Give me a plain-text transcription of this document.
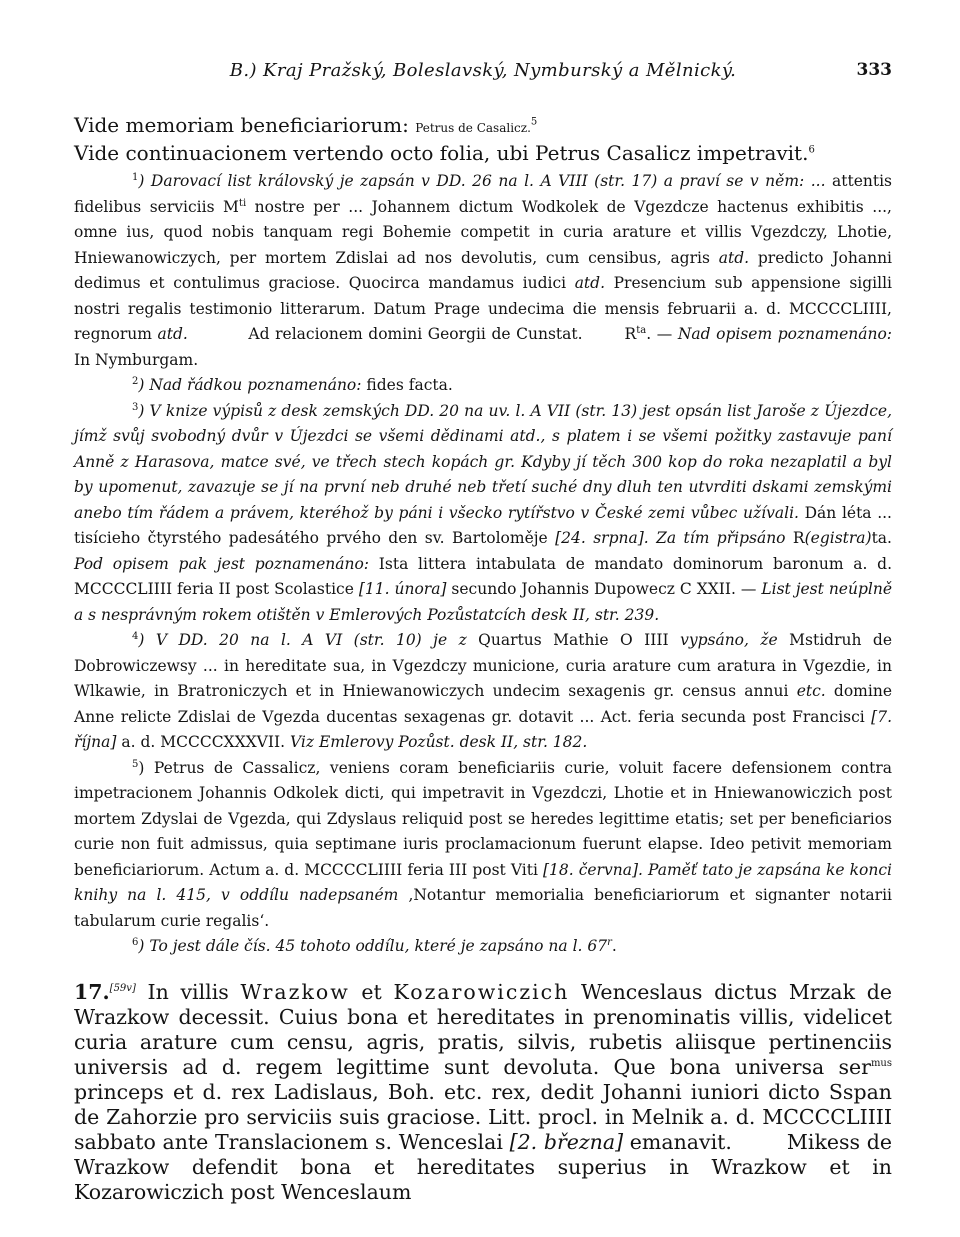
B.) Kraj Pražský, Boleslavský, Nymburský a Mělnický.	333
Vide memoriam beneficiariorum: Petrus de Casalicz.$^5$
Vide continuacionem vertendo octo folia, ubi Petrus Casalicz impetravit.$^6$

$^1$) Darovací list královský je zapsán v DD. 26 na l. A VIII (str. 17) a praví se v něm: ... attentis fidelibus serviciis $M^{ti}$ nostre per ... Johannem dictum Wodkolek de Vgezdcze hactenus exhibitis ..., omne ius, quod nobis tanquam regi Bohemie competit in curia arature et villis Vgezdczy, Lhotie, Hniewanowiczych, per mortem Zdislai ad nos devolutis, cum censibus, agris atd. predicto Johanni dedimus et contulimus graciose. Quocirca mandamus iudici atd. Presencium sub appensione sigilli nostri regalis testimonio litterarum. Datum Prage undecima die mensis februarii a. d. MCCCCLIIII, regnorum atd.	Ad relacionem domini Georgii de Cunstat.	$R^{ta}$. — Nad opisem poznamenáno: In Nymburgam.

$^2$) Nad řádkou poznamenáno: fides facta.

$^3$) V knize výpisů z desk zemských DD. 20 na uv. l. A VII (str. 13) jest opsán list Jaroše z Újezdce, jímž svůj svobodný dvůr v Újezdci se všemi dědinami atd., s platem i se všemi požitky zastavuje paní Anně z Harasova, matce své, ve třech stech kopách gr. Kdyby jí těch 300 kop do roka nezaplatil a byl by upomenut, zavazuje se jí na první neb druhé neb třetí suché dny dluh ten utvrditi dskami zemskými anebo tím řádem a právem, kteréhož by páni i všecko rytířstvo v České zemi vůbec užívali. Dán léta ... tisícieho čtyrstého padesátého prvého den sv. Bartoloměje [24. srpna]. Za tím připsáno R(egistra)ta. Pod opisem pak jest poznamenáno: Ista littera intabulata de mandato dominorum baronum a. d. MCCCCLIIII feria II post Scolastice [11. února] secundo Johannis Dupowecz C XXII. — List jest neúplně a s nesprávným rokem otištěn v Emlerových Pozůstatcích desk II, str. 239.

$^4$) V DD. 20 na l. A VI (str. 10) je z Quartus Mathie O IIII vypsáno, že Mstidruh de Dobrowiczewsy ... in hereditate sua, in Vgezdczy municione, curia arature cum aratura in Vgezdie, in Wlkawie, in Bratroniczych et in Hniewanowiczych undecim sexagenis gr. census annui etc. domine Anne relicte Zdislai de Vgezda ducentas sexagenas gr. dotavit ... Act. feria secunda post Francisci [7. října] a. d. MCCCCXXXVII. Viz Emlerovy Pozůst. desk II, str. 182.

$^5$) Petrus de Cassalicz, veniens coram beneficiariis curie, voluit facere defensionem contra impetracionem Johannis Odkolek dicti, qui impetravit in Vgezdczi, Lhotie et in Hniewanowiczich post mortem Zdyslai de Vgezda, qui Zdyslaus reliquid post se heredes legittime etatis; set per beneficiarios curie non fuit admissus, quia septimane iuris proclamacionum fuerunt elapse. Ideo petivit memoriam beneficiariorum. Actum a. d. MCCCCLIIII feria III post Viti [18. června]. Paměť tato je zapsána ke konci knihy na l. 415, v oddílu nadepsaném ‚Notantur memorialia beneficiariorum et signanter notarii tabularum curie regalis‘.

$^6$) To jest dále čís. 45 tohoto oddílu, které je zapsáno na l. 67$^r$.

17.[59v] In villis Wrazkow et Kozarowiczich Wenceslaus dictus Mrzak de Wrazkow decessit. Cuius bona et hereditates in prenominatis villis, videlicet curia arature cum censu, agris, pratis, silvis, rubetis aliisque pertinenciis universis ad d. regem legittime sunt devoluta. Que bona universa ser$^{mus}$ princeps et d. rex Ladislaus, Boh. etc. rex, dedit Johanni iuniori dicto Sspan de Zahorzie pro serviciis suis graciose. Litt. procl. in Melnik a. d. MCCCCLIIII sabbato ante Translacionem s. Wenceslai [2. března] emanavit.	Mikess de Wrazkow defendit bona et hereditates superius in Wrazkow et in Kozarowiczich post Wenceslaum
